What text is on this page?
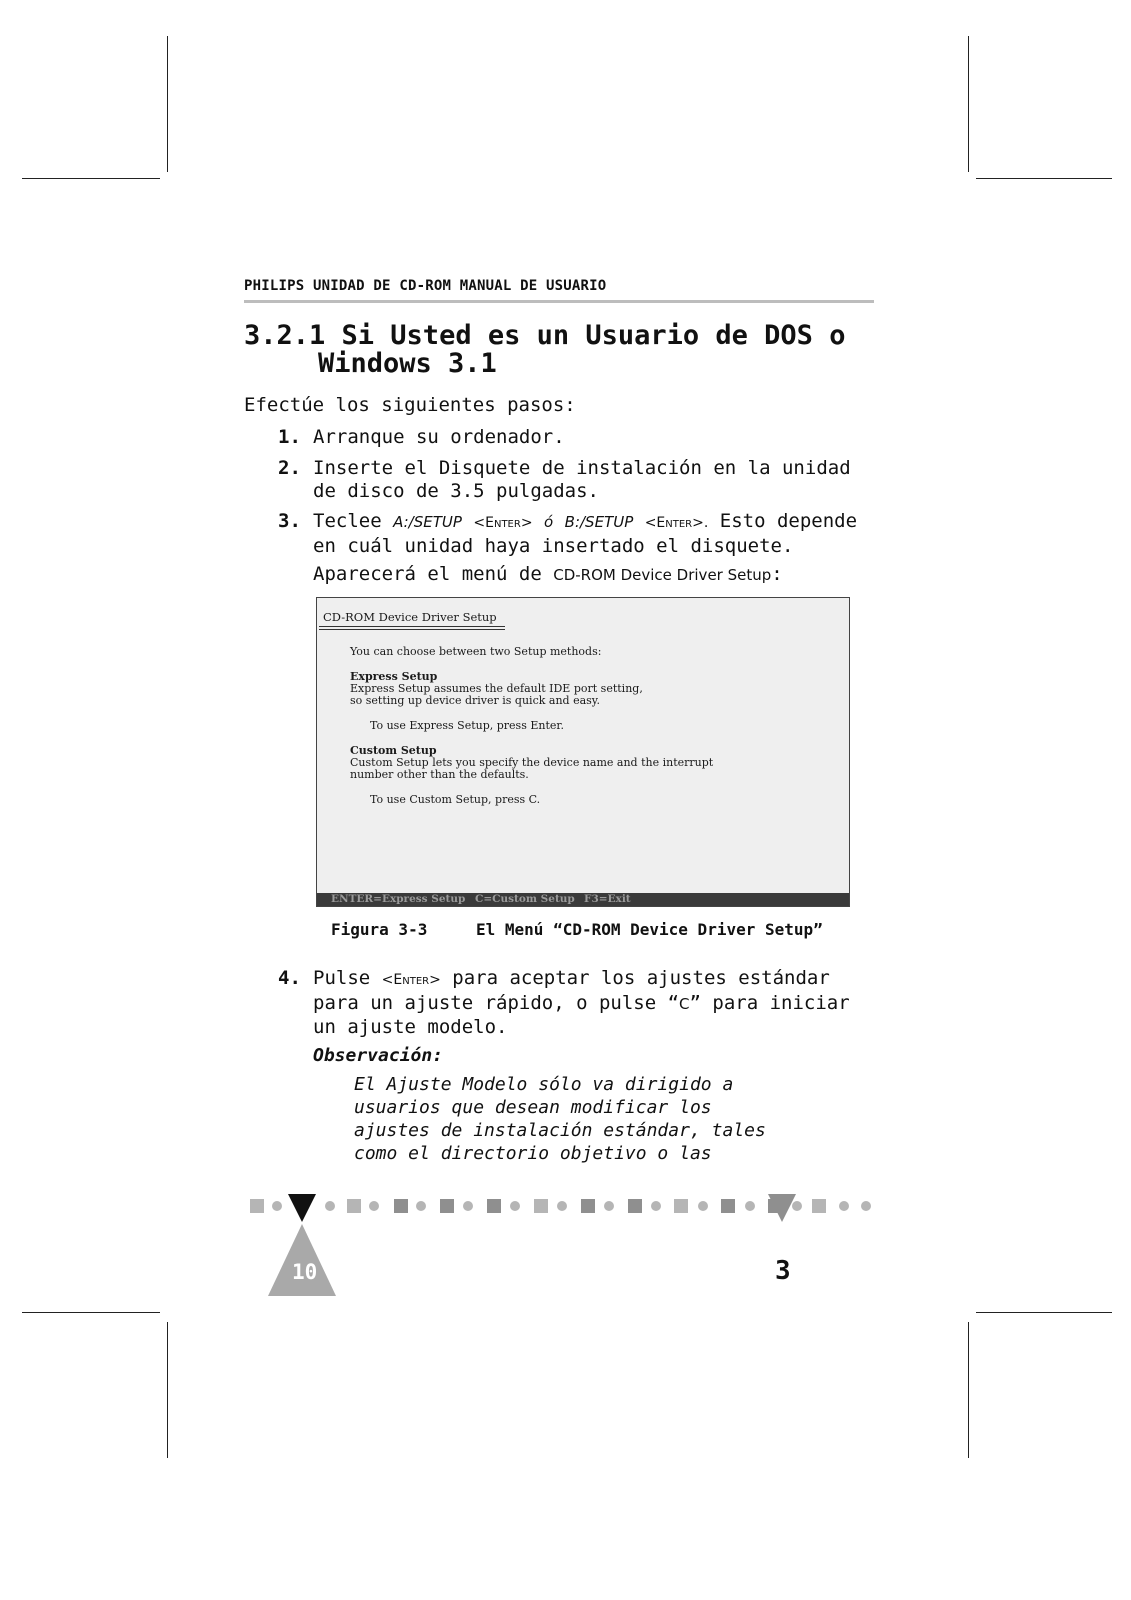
PHILIPS UNIDAD DE CD-ROM MANUAL DE USUARIO
3.2.1 Si Usted es un Usuario de DOS o
Windows 3.1
Efectúe los siguientes pasos:
1. Arranque su ordenador.
2. Inserte el Disquete de instalación en la unidad
de disco de 3.5 pulgadas.
3. Teclee A:/SETUP <Enter> ó B:/SETUP <Enter>. Esto depende
en cuál unidad haya insertado el disquete.
Aparecerá el menú de CD-ROM Device Driver Setup:
CD-ROM Device Driver Setup
You can choose between two Setup methods:
Express Setup
Express Setup assumes the default IDE port setting,
so setting up device driver is quick and easy.
To use Express Setup, press Enter.
Custom Setup
Custom Setup lets you specify the device name and the interrupt
number other than the defaults.
To use Custom Setup, press C.
ENTER=Express Setup C=Custom Setup F3=Exit
Figura 3-3	El Menú “CD-ROM Device Driver Setup”
4. Pulse <Enter> para aceptar los ajustes estándar
para un ajuste rápido, o pulse “C” para iniciar
un ajuste modelo.
Observación:
El Ajuste Modelo sólo va dirigido a
usuarios que desean modificar los
ajustes de instalación estándar, tales
como el directorio objetivo o las
10	3
